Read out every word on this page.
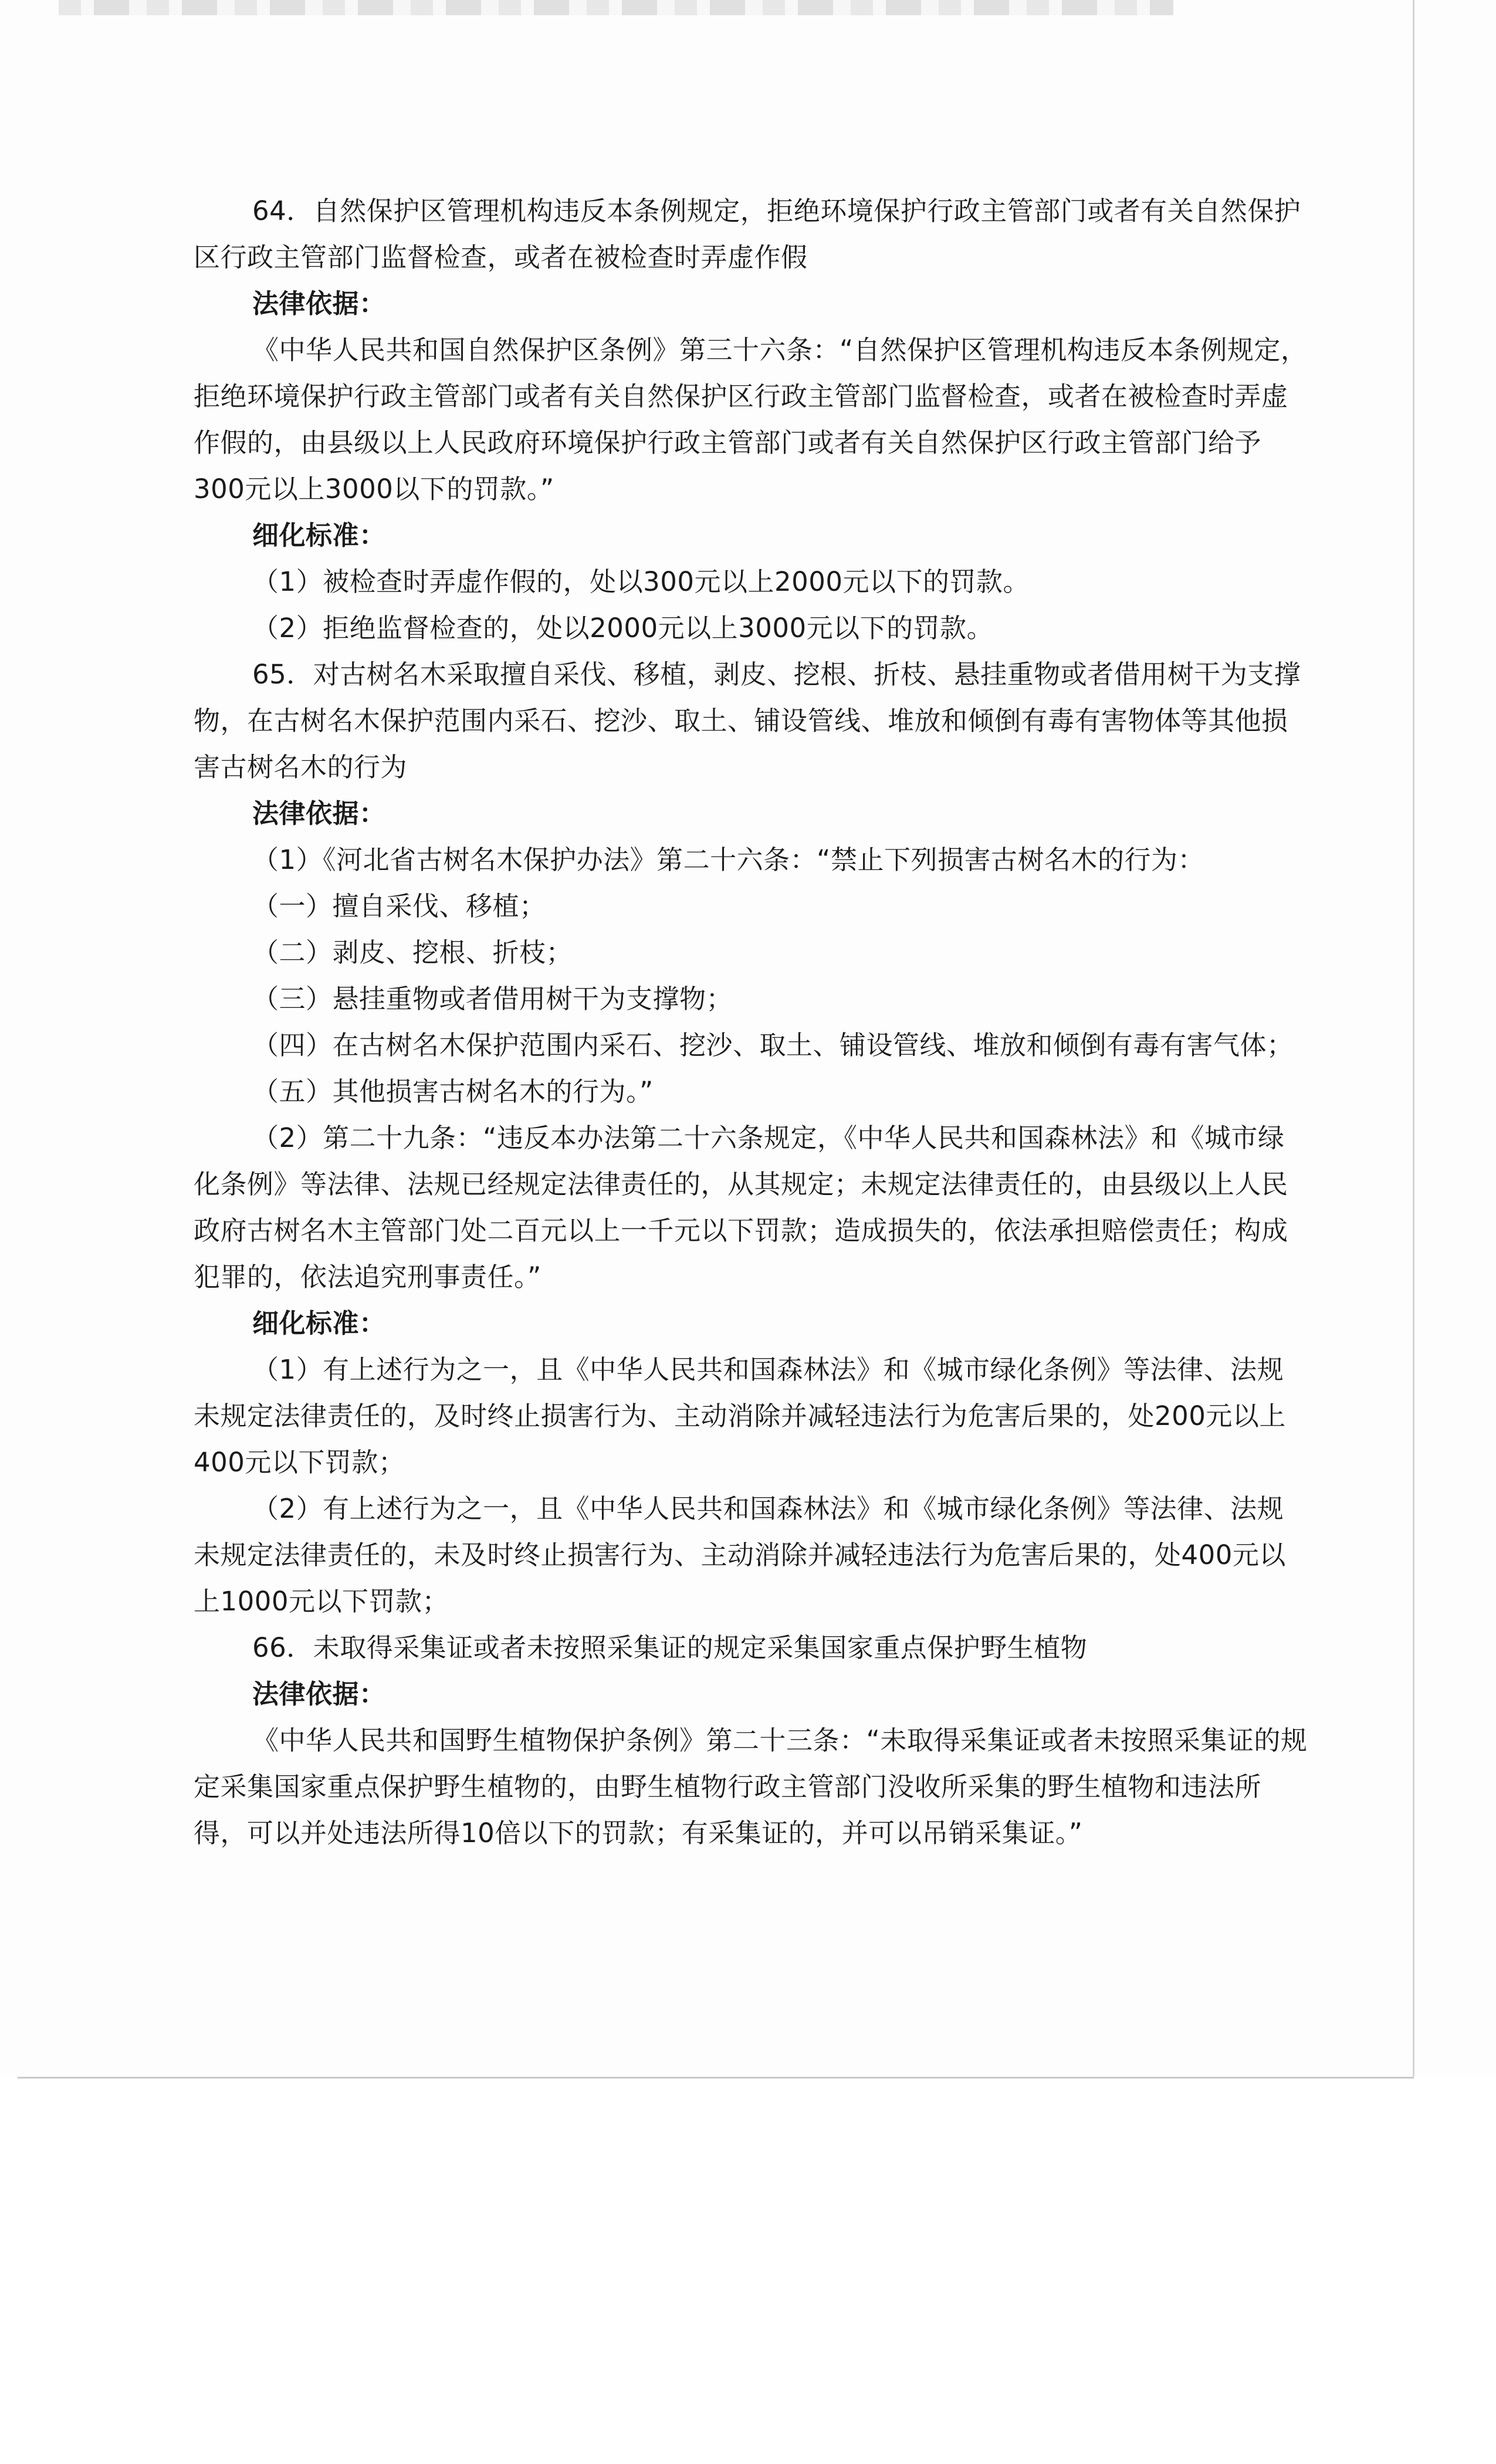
64．自然保护区管理机构违反本条例规定，拒绝环境保护行政主管部门或者有关自然保护区行政主管部门监督检查，或者在被检查时弄虚作假

法律依据：

《中华人民共和国自然保护区条例》第三十六条：“自然保护区管理机构违反本条例规定，拒绝环境保护行政主管部门或者有关自然保护区行政主管部门监督检查，或者在被检查时弄虚作假的，由县级以上人民政府环境保护行政主管部门或者有关自然保护区行政主管部门给予300元以上3000以下的罚款。”

细化标准：

（1）被检查时弄虚作假的，处以300元以上2000元以下的罚款。

（2）拒绝监督检查的，处以2000元以上3000元以下的罚款。

65．对古树名木采取擅自采伐、移植，剥皮、挖根、折枝、悬挂重物或者借用树干为支撑物，在古树名木保护范围内采石、挖沙、取土、铺设管线、堆放和倾倒有毒有害物体等其他损害古树名木的行为

法律依据：

（1）《河北省古树名木保护办法》第二十六条：“禁止下列损害古树名木的行为：

（一）擅自采伐、移植；

（二）剥皮、挖根、折枝；

（三）悬挂重物或者借用树干为支撑物；

（四）在古树名木保护范围内采石、挖沙、取土、铺设管线、堆放和倾倒有毒有害气体；

（五）其他损害古树名木的行为。”

（2）第二十九条：“违反本办法第二十六条规定，《中华人民共和国森林法》和《城市绿化条例》等法律、法规已经规定法律责任的，从其规定；未规定法律责任的，由县级以上人民政府古树名木主管部门处二百元以上一千元以下罚款；造成损失的，依法承担赔偿责任；构成犯罪的，依法追究刑事责任。”

细化标准：

（1）有上述行为之一，且《中华人民共和国森林法》和《城市绿化条例》等法律、法规未规定法律责任的，及时终止损害行为、主动消除并减轻违法行为危害后果的，处200元以上400元以下罚款；

（2）有上述行为之一，且《中华人民共和国森林法》和《城市绿化条例》等法律、法规未规定法律责任的，未及时终止损害行为、主动消除并减轻违法行为危害后果的，处400元以上1000元以下罚款；

66．未取得采集证或者未按照采集证的规定采集国家重点保护野生植物

法律依据：

《中华人民共和国野生植物保护条例》第二十三条：“未取得采集证或者未按照采集证的规定采集国家重点保护野生植物的，由野生植物行政主管部门没收所采集的野生植物和违法所得，可以并处违法所得10倍以下的罚款；有采集证的，并可以吊销采集证。”
